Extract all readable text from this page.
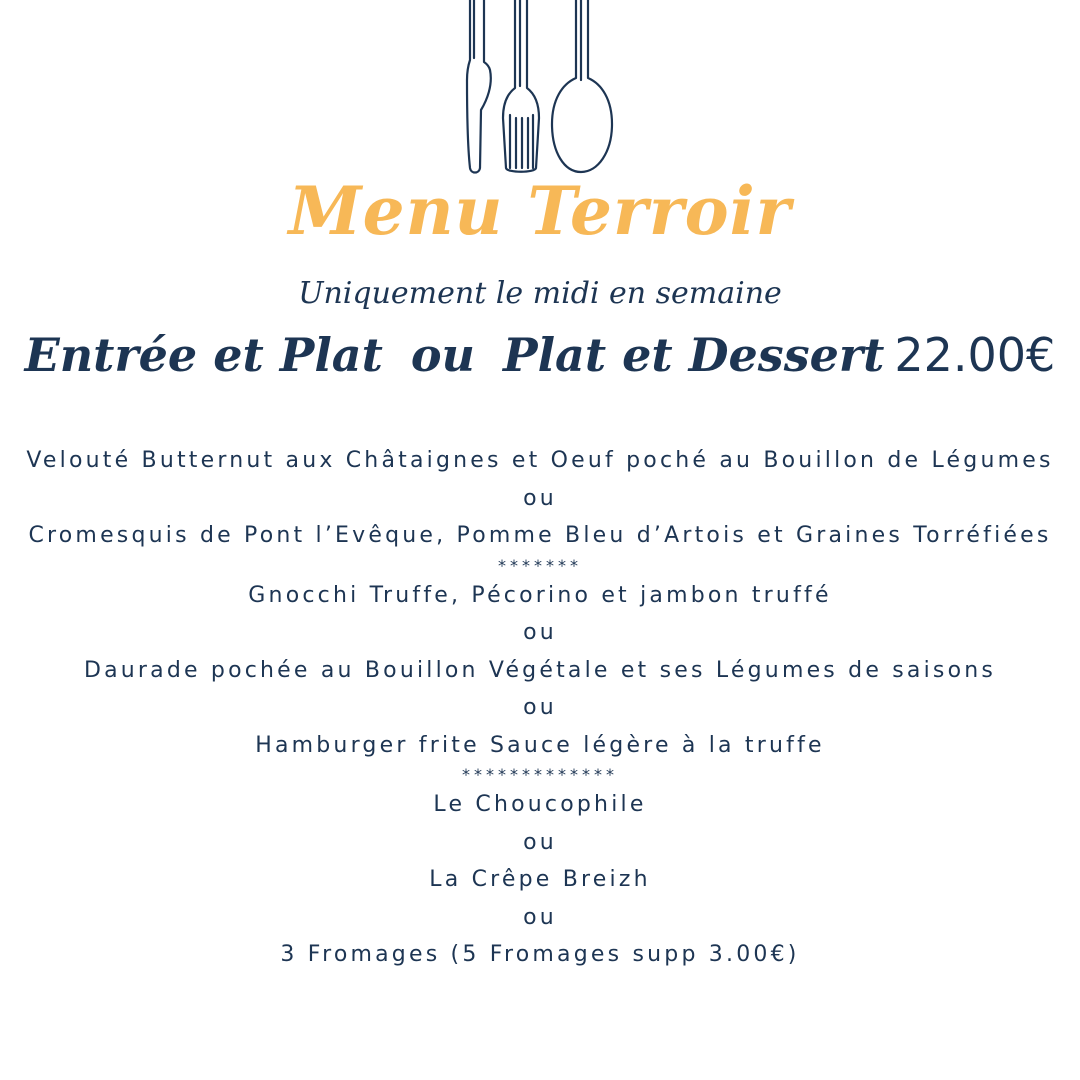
Menu Terroir
Uniquement le midi en semaine
Entrée et Plat ou Plat et Dessert 22.00€
Velouté Butternut aux Châtaignes et Oeuf poché au Bouillon de Légumes
ou
Cromesquis de Pont l’Evêque, Pomme Bleu d’Artois et Graines Torréfiées
*******
Gnocchi Truffe, Pécorino et jambon truffé
ou
Daurade pochée au Bouillon Végétale et ses Légumes de saisons
ou
Hamburger frite Sauce légère à la truffe
*************
Le Choucophile
ou
La Crêpe Breizh
ou
3 Fromages (5 Fromages supp 3.00€)
